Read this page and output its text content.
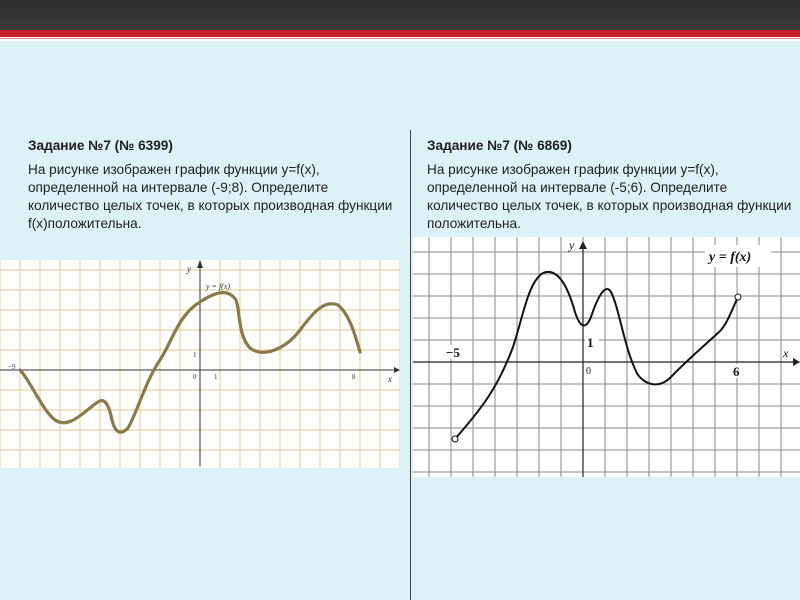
Задание №7 (№ 6399)
На рисунке изображен график функции y=f(x), определенной на интервале (-9;8). Определите количество целых точек, в которых производная функции f(x)положительна.
Задание №7 (№ 6869)
На рисунке изображен график функции y=f(x), определенной на интервале (-5;6). Определите количество целых точек, в которых производная функции положительна.
y
x
y = f(x)
−9
0	1
1
8
−5
1
0	6
y
x
y = f(x)
